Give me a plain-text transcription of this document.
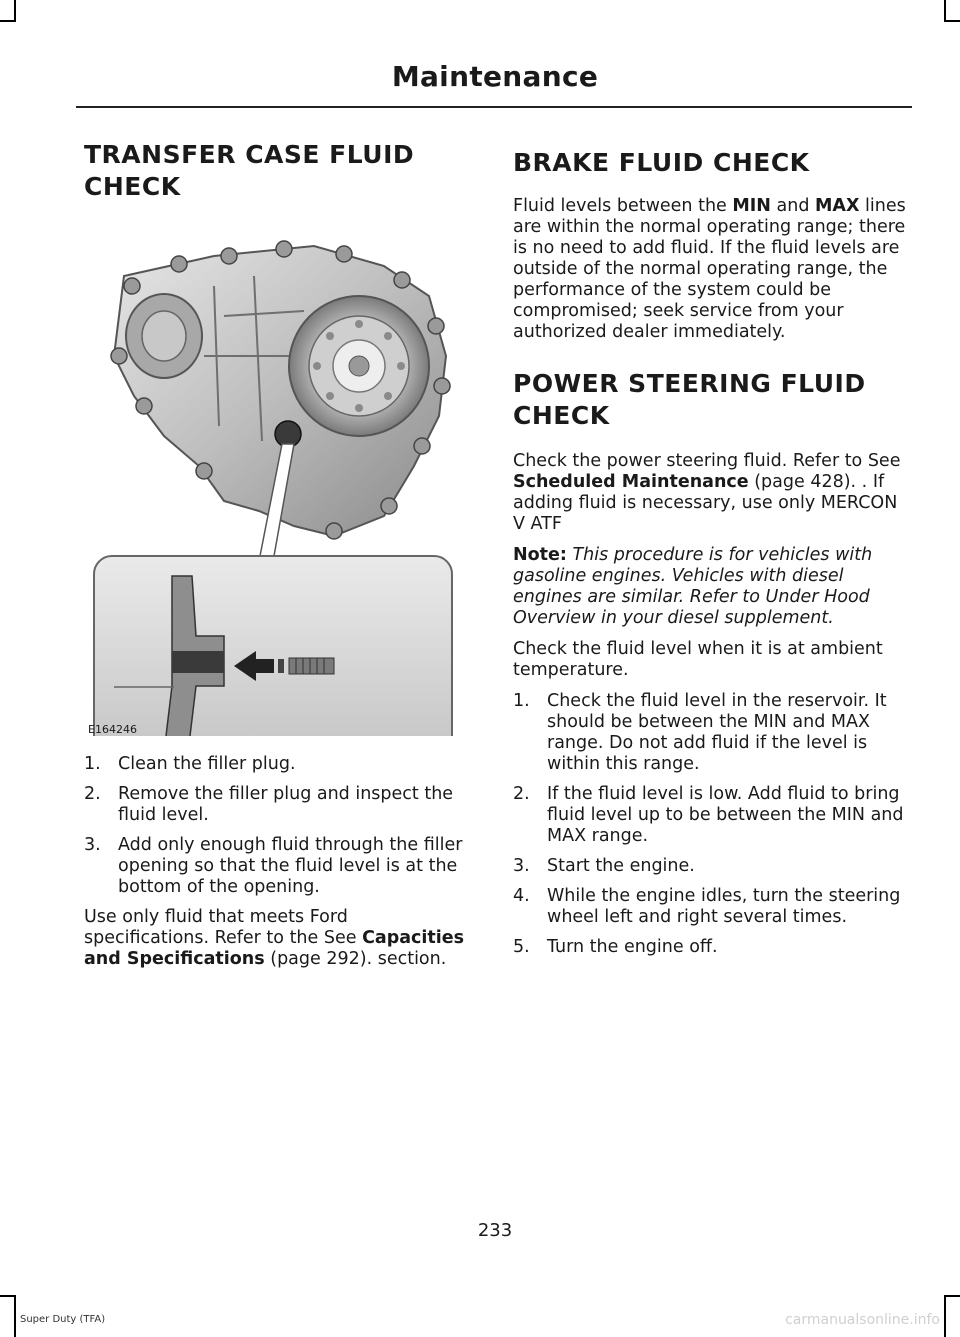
Maintenance
TRANSFER CASE FLUID
CHECK
E164246
1. Clean the filler plug.
2. Remove the filler plug and inspect the fluid level.
3. Add only enough fluid through the filler opening so that the fluid level is at the bottom of the opening.

Use only fluid that meets Ford specifications. Refer to the See Capacities and Specifications (page 292). section.

BRAKE FLUID CHECK

Fluid levels between the MIN and MAX lines are within the normal operating range; there is no need to add fluid. If the fluid levels are outside of the normal operating range, the performance of the system could be compromised; seek service from your authorized dealer immediately.

POWER STEERING FLUID
CHECK

Check the power steering fluid. Refer to See Scheduled Maintenance (page 428). . If adding fluid is necessary, use only MERCON V ATF

Note: This procedure is for vehicles with gasoline engines. Vehicles with diesel engines are similar. Refer to Under Hood Overview in your diesel supplement.

Check the fluid level when it is at ambient temperature.

1. Check the fluid level in the reservoir. It should be between the MIN and MAX range. Do not add fluid if the level is within this range.
2. If the fluid level is low. Add fluid to bring fluid level up to be between the MIN and MAX range.
3. Start the engine.
4. While the engine idles, turn the steering wheel left and right several times.
5. Turn the engine off.
233
Super Duty (TFA)	carmanualsonline.info
